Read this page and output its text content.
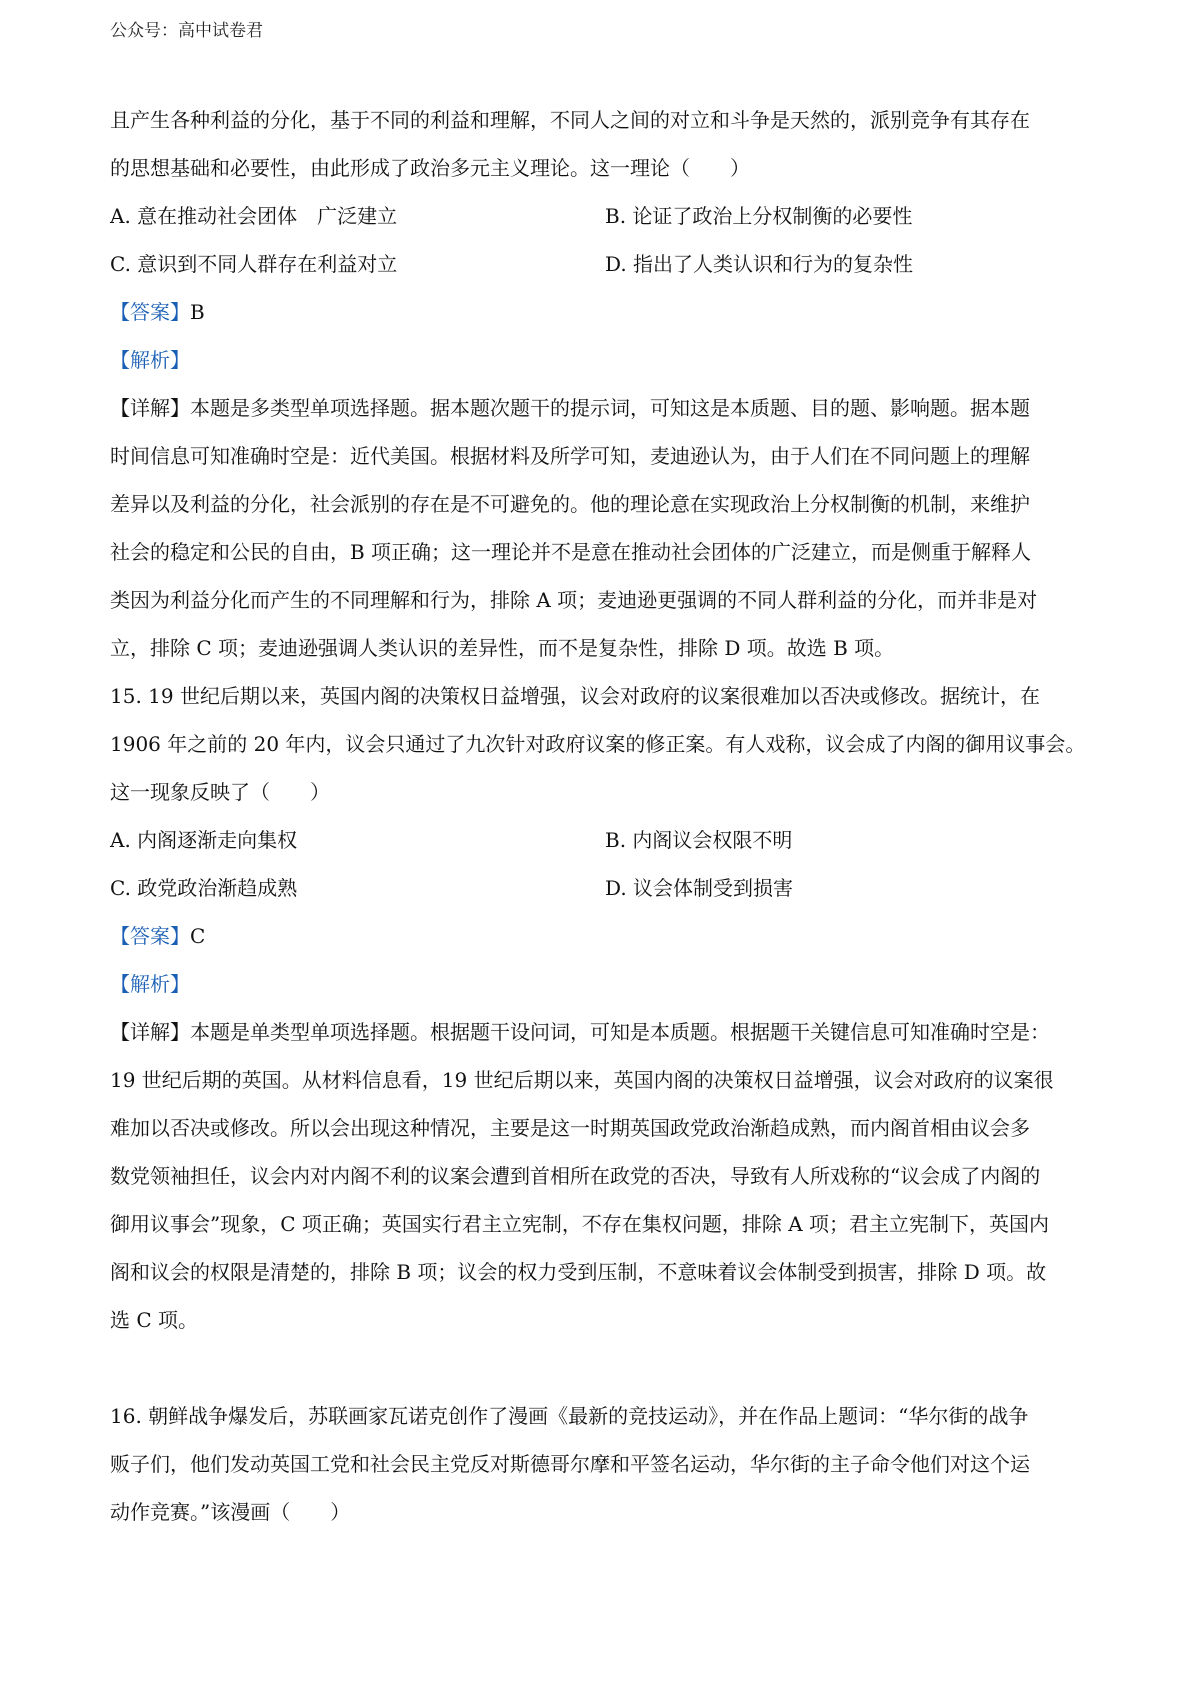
公众号：高中试卷君
且产生各种利益的分化，基于不同的利益和理解，不同人之间的对立和斗争是天然的，派别竞争有其存在
的思想基础和必要性，由此形成了政治多元主义理论。这一理论（　　）
A. 意在推动社会团体　广泛建立	B. 论证了政治上分权制衡的必要性
C. 意识到不同人群存在利益对立	D. 指出了人类认识和行为的复杂性
【答案】B
【解析】
【详解】本题是多类型单项选择题。据本题次题干的提示词，可知这是本质题、目的题、影响题。据本题
时间信息可知准确时空是：近代美国。根据材料及所学可知，麦迪逊认为，由于人们在不同问题上的理解
差异以及利益的分化，社会派别的存在是不可避免的。他的理论意在实现政治上分权制衡的机制，来维护
社会的稳定和公民的自由，B 项正确；这一理论并不是意在推动社会团体的广泛建立，而是侧重于解释人
类因为利益分化而产生的不同理解和行为，排除 A 项；麦迪逊更强调的不同人群利益的分化，而并非是对
立，排除 C 项；麦迪逊强调人类认识的差异性，而不是复杂性，排除 D 项。故选 B 项。
15. 19 世纪后期以来，英国内阁的决策权日益增强，议会对政府的议案很难加以否决或修改。据统计，在
1906 年之前的 20 年内，议会只通过了九次针对政府议案的修正案。有人戏称，议会成了内阁的御用议事会。
这一现象反映了（　　）
A. 内阁逐渐走向集权	B. 内阁议会权限不明
C. 政党政治渐趋成熟	D. 议会体制受到损害
【答案】C
【解析】
【详解】本题是单类型单项选择题。根据题干设问词，可知是本质题。根据题干关键信息可知准确时空是：
19 世纪后期的英国。从材料信息看，19 世纪后期以来，英国内阁的决策权日益增强，议会对政府的议案很
难加以否决或修改。所以会出现这种情况，主要是这一时期英国政党政治渐趋成熟，而内阁首相由议会多
数党领袖担任，议会内对内阁不利的议案会遭到首相所在政党的否决，导致有人所戏称的“议会成了内阁的
御用议事会”现象，C 项正确；英国实行君主立宪制，不存在集权问题，排除 A 项；君主立宪制下，英国内
阁和议会的权限是清楚的，排除 B 项；议会的权力受到压制，不意味着议会体制受到损害，排除 D 项。故
选 C 项。
16. 朝鲜战争爆发后，苏联画家瓦诺克创作了漫画《最新的竞技运动》，并在作品上题词：“华尔街的战争
贩子们，他们发动英国工党和社会民主党反对斯德哥尔摩和平签名运动，华尔街的主子命令他们对这个运
动作竞赛。”该漫画（　　）
